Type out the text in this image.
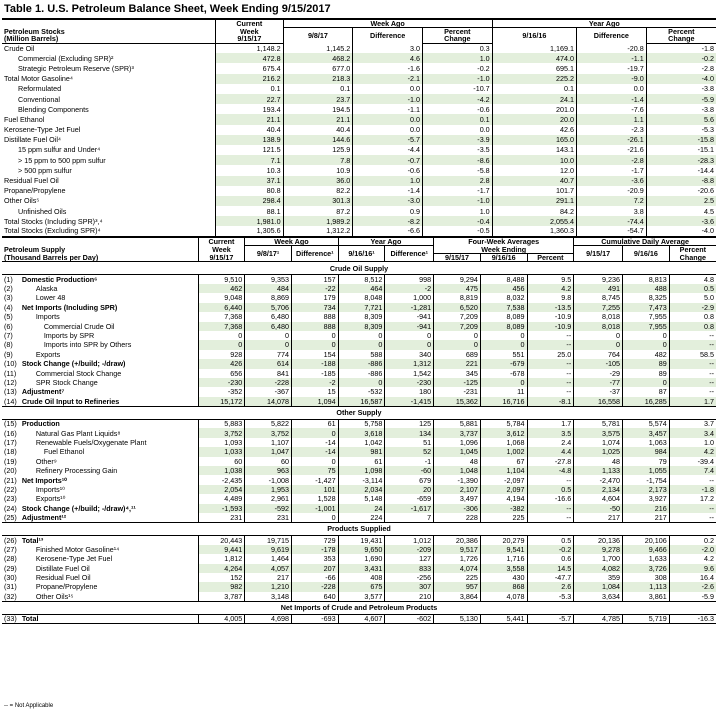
Table 1. U.S. Petroleum Balance Sheet, Week Ending 9/15/2017
	Current	Week Ago			Year Ago		
Petroleum Stocks	Week	9/8/17	Difference	Percent	9/16/16	Difference	Percent
(Million Barrels)	9/15/17			Change			Change
Crude Oil	1,148.2	1,145.2	3.0	0.3	1,169.1	-20.8	-1.8
Commercial (Excluding SPR)²	472.8	468.2	4.6	1.0	474.0	-1.1	-0.2
Strategic Petroleum Reserve (SPR)³	675.4	677.0	-1.6	-0.2	695.1	-19.7	-2.8
Total Motor Gasoline⁴	216.2	218.3	-2.1	-1.0	225.2	-9.0	-4.0
Reformulated	0.1	0.1	0.0	-10.7	0.1	0.0	-3.8
Conventional	22.7	23.7	-1.0	-4.2	24.1	-1.4	-5.9
Blending Components	193.4	194.5	-1.1	-0.6	201.0	-7.6	-3.8
Fuel Ethanol	21.1	21.1	0.0	0.1	20.0	1.1	5.6
Kerosene-Type Jet Fuel	40.4	40.4	0.0	0.0	42.6	-2.3	-5.3
Distillate Fuel Oil⁴	138.9	144.6	-5.7	-3.9	165.0	-26.1	-15.8
15 ppm sulfur and Under⁴	121.5	125.9	-4.4	-3.5	143.1	-21.6	-15.1
> 15 ppm to 500 ppm sulfur	7.1	7.8	-0.7	-8.6	10.0	-2.8	-28.3
> 500 ppm sulfur	10.3	10.9	-0.6	-5.8	12.0	-1.7	-14.4
Residual Fuel Oil	37.1	36.0	1.0	2.8	40.7	-3.6	-8.8
Propane/Propylene	80.8	82.2	-1.4	-1.7	101.7	-20.9	-20.6
Other Oils⁵	298.4	301.3	-3.0	-1.0	291.1	7.2	2.5
Unfinished Oils	88.1	87.2	0.9	1.0	84.2	3.8	4.5
Total Stocks (Including SPR)³,⁴	1,981.0	1,989.2	-8.2	-0.4	2,055.4	-74.4	-3.6
Total Stocks (Excluding SPR)⁴	1,305.6	1,312.2	-6.6	-0.5	1,360.3	-54.7	-4.0
		Current	Week Ago		Year Ago		Four-Week Averages			Cumulative Daily Average		
Petroleum Supply		Week	9/8/17¹	Difference¹	9/16/16¹	Difference¹	Week Ending			9/15/17	9/16/16	Percent
(Thousand Barrels per Day)		9/15/17					9/15/17	9/16/16	Percent			Change
Crude Oil Supply												
(1)	Domestic Production⁶	9,510	9,353	157	8,512	998	9,294	8,488	9.5	9,236	8,813	4.8
(2)	Alaska	462	484	-22	464	-2	475	456	4.2	491	488	0.5
(3)	Lower 48	9,048	8,869	179	8,048	1,000	8,819	8,032	9.8	8,745	8,325	5.0
(4)	Net Imports (Including SPR)	6,440	5,706	734	7,721	-1,281	6,520	7,538	-13.5	7,255	7,473	-2.9
(5)	Imports	7,368	6,480	888	8,309	-941	7,209	8,089	-10.9	8,018	7,955	0.8
(6)	Commercial Crude Oil	7,368	6,480	888	8,309	-941	7,209	8,089	-10.9	8,018	7,955	0.8
(7)	Imports by SPR	0	0	0	0	0	0	0	--	0	0	--
(8)	Imports into SPR by Others	0	0	0	0	0	0	0	--	0	0	--
(9)	Exports	928	774	154	588	340	689	551	25.0	764	482	58.5
(10)	Stock Change (+/build; -/draw)	426	614	-188	-886	1,312	221	-679	--	-105	89	--
(11)	Commercial Stock Change	656	841	-185	-886	1,542	345	-678	--	-29	89	--
(12)	SPR Stock Change	-230	-228	-2	0	-230	-125	0	--	-77	0	--
(13)	Adjustment⁷	-352	-367	15	-532	180	-231	11	--	-37	87	--
(14)	Crude Oil Input to Refineries	15,172	14,078	1,094	16,587	-1,415	15,362	16,716	-8.1	16,558	16,285	1.7
Other Supply												
(15)	Production	5,883	5,822	61	5,758	125	5,881	5,784	1.7	5,781	5,574	3.7
(16)	Natural Gas Plant Liquids⁸	3,752	3,752	0	3,618	134	3,737	3,612	3.5	3,575	3,457	3.4
(17)	Renewable Fuels/Oxygenate Plant	1,093	1,107	-14	1,042	51	1,096	1,068	2.4	1,074	1,063	1.0
(18)	Fuel Ethanol	1,033	1,047	-14	981	52	1,045	1,002	4.4	1,025	984	4.2
(19)	Other⁹	60	60	0	61	-1	48	67	-27.8	48	79	-39.4
(20)	Refinery Processing Gain	1,038	963	75	1,098	-60	1,048	1,104	-4.8	1,133	1,055	7.4
(21)	Net Imports¹⁰	-2,435	-1,008	-1,427	-3,114	679	-1,390	-2,097	--	-2,470	-1,754	--
(22)	Imports¹⁰	2,054	1,953	101	2,034	20	2,107	2,097	0.5	2,134	2,173	-1.8
(23)	Exports¹⁰	4,489	2,961	1,528	5,148	-659	3,497	4,194	-16.6	4,604	3,927	17.2
(24)	Stock Change (+/build; -/draw)⁴,¹¹	-1,593	-592	-1,001	24	-1,617	-306	-382	--	-50	216	--
(25)	Adjustment¹²	231	231	0	224	7	228	225	--	217	217	--
Products Supplied												
(26)	Total¹³	20,443	19,715	729	19,431	1,012	20,386	20,279	0.5	20,136	20,106	0.2
(27)	Finished Motor Gasoline¹⁴	9,441	9,619	-178	9,650	-209	9,517	9,541	-0.2	9,278	9,466	-2.0
(28)	Kerosene-Type Jet Fuel	1,812	1,464	353	1,690	127	1,726	1,716	0.6	1,700	1,633	4.2
(29)	Distillate Fuel Oil	4,264	4,057	207	3,431	833	4,074	3,558	14.5	4,082	3,726	9.6
(30)	Residual Fuel Oil	152	217	-66	408	-256	225	430	-47.7	359	308	16.4
(31)	Propane/Propylene	982	1,210	-228	675	307	957	868	2.6	1,084	1,113	-2.6
(32)	Other Oils¹⁵	3,787	3,148	640	3,577	210	3,864	4,078	-5.3	3,634	3,861	-5.9
Net Imports of Crude and Petroleum Products												
(33)	Total	4,005	4,698	-693	4,607	-602	5,130	5,441	-5.7	4,785	5,719	-16.3
-- = Not Applicable
